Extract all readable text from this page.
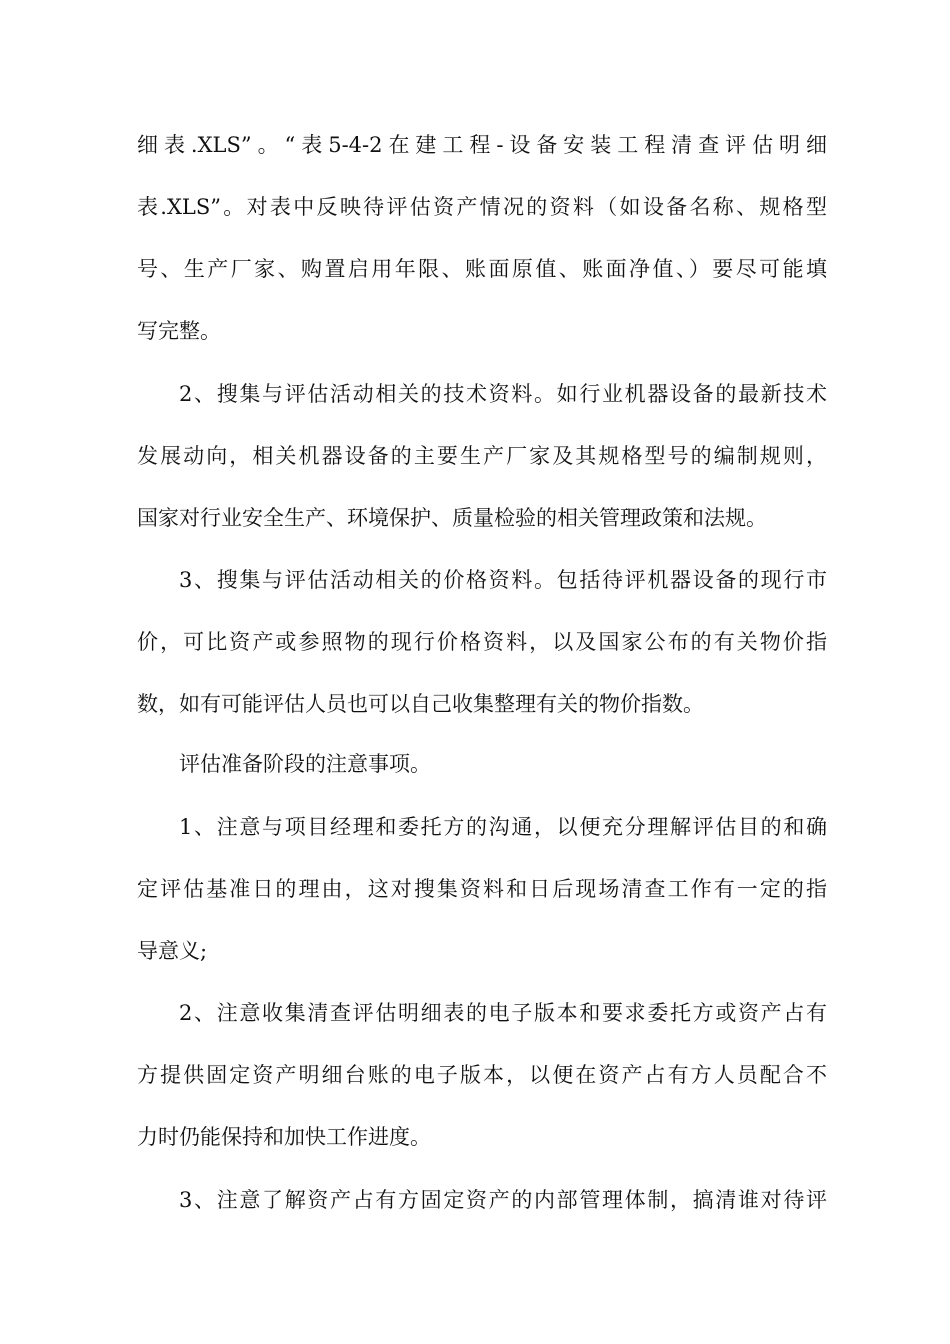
细表.XLS”。“表5-4-2在建工程-设备安装工程清查评估明细
表.XLS”。对表中反映待评估资产情况的资料（如设备名称、规格型
号、生产厂家、购置启用年限、账面原值、账面净值、）要尽可能填
写完整。
2、搜集与评估活动相关的技术资料。如行业机器设备的最新技术
发展动向，相关机器设备的主要生产厂家及其规格型号的编制规则，
国家对行业安全生产、环境保护、质量检验的相关管理政策和法规。
3、搜集与评估活动相关的价格资料。包括待评机器设备的现行市
价，可比资产或参照物的现行价格资料，以及国家公布的有关物价指
数，如有可能评估人员也可以自己收集整理有关的物价指数。
评估准备阶段的注意事项。
1、注意与项目经理和委托方的沟通，以便充分理解评估目的和确
定评估基准日的理由，这对搜集资料和日后现场清查工作有一定的指
导意义;
2、注意收集清查评估明细表的电子版本和要求委托方或资产占有
方提供固定资产明细台账的电子版本，以便在资产占有方人员配合不
力时仍能保持和加快工作进度。
3、注意了解资产占有方固定资产的内部管理体制，搞清谁对待评
